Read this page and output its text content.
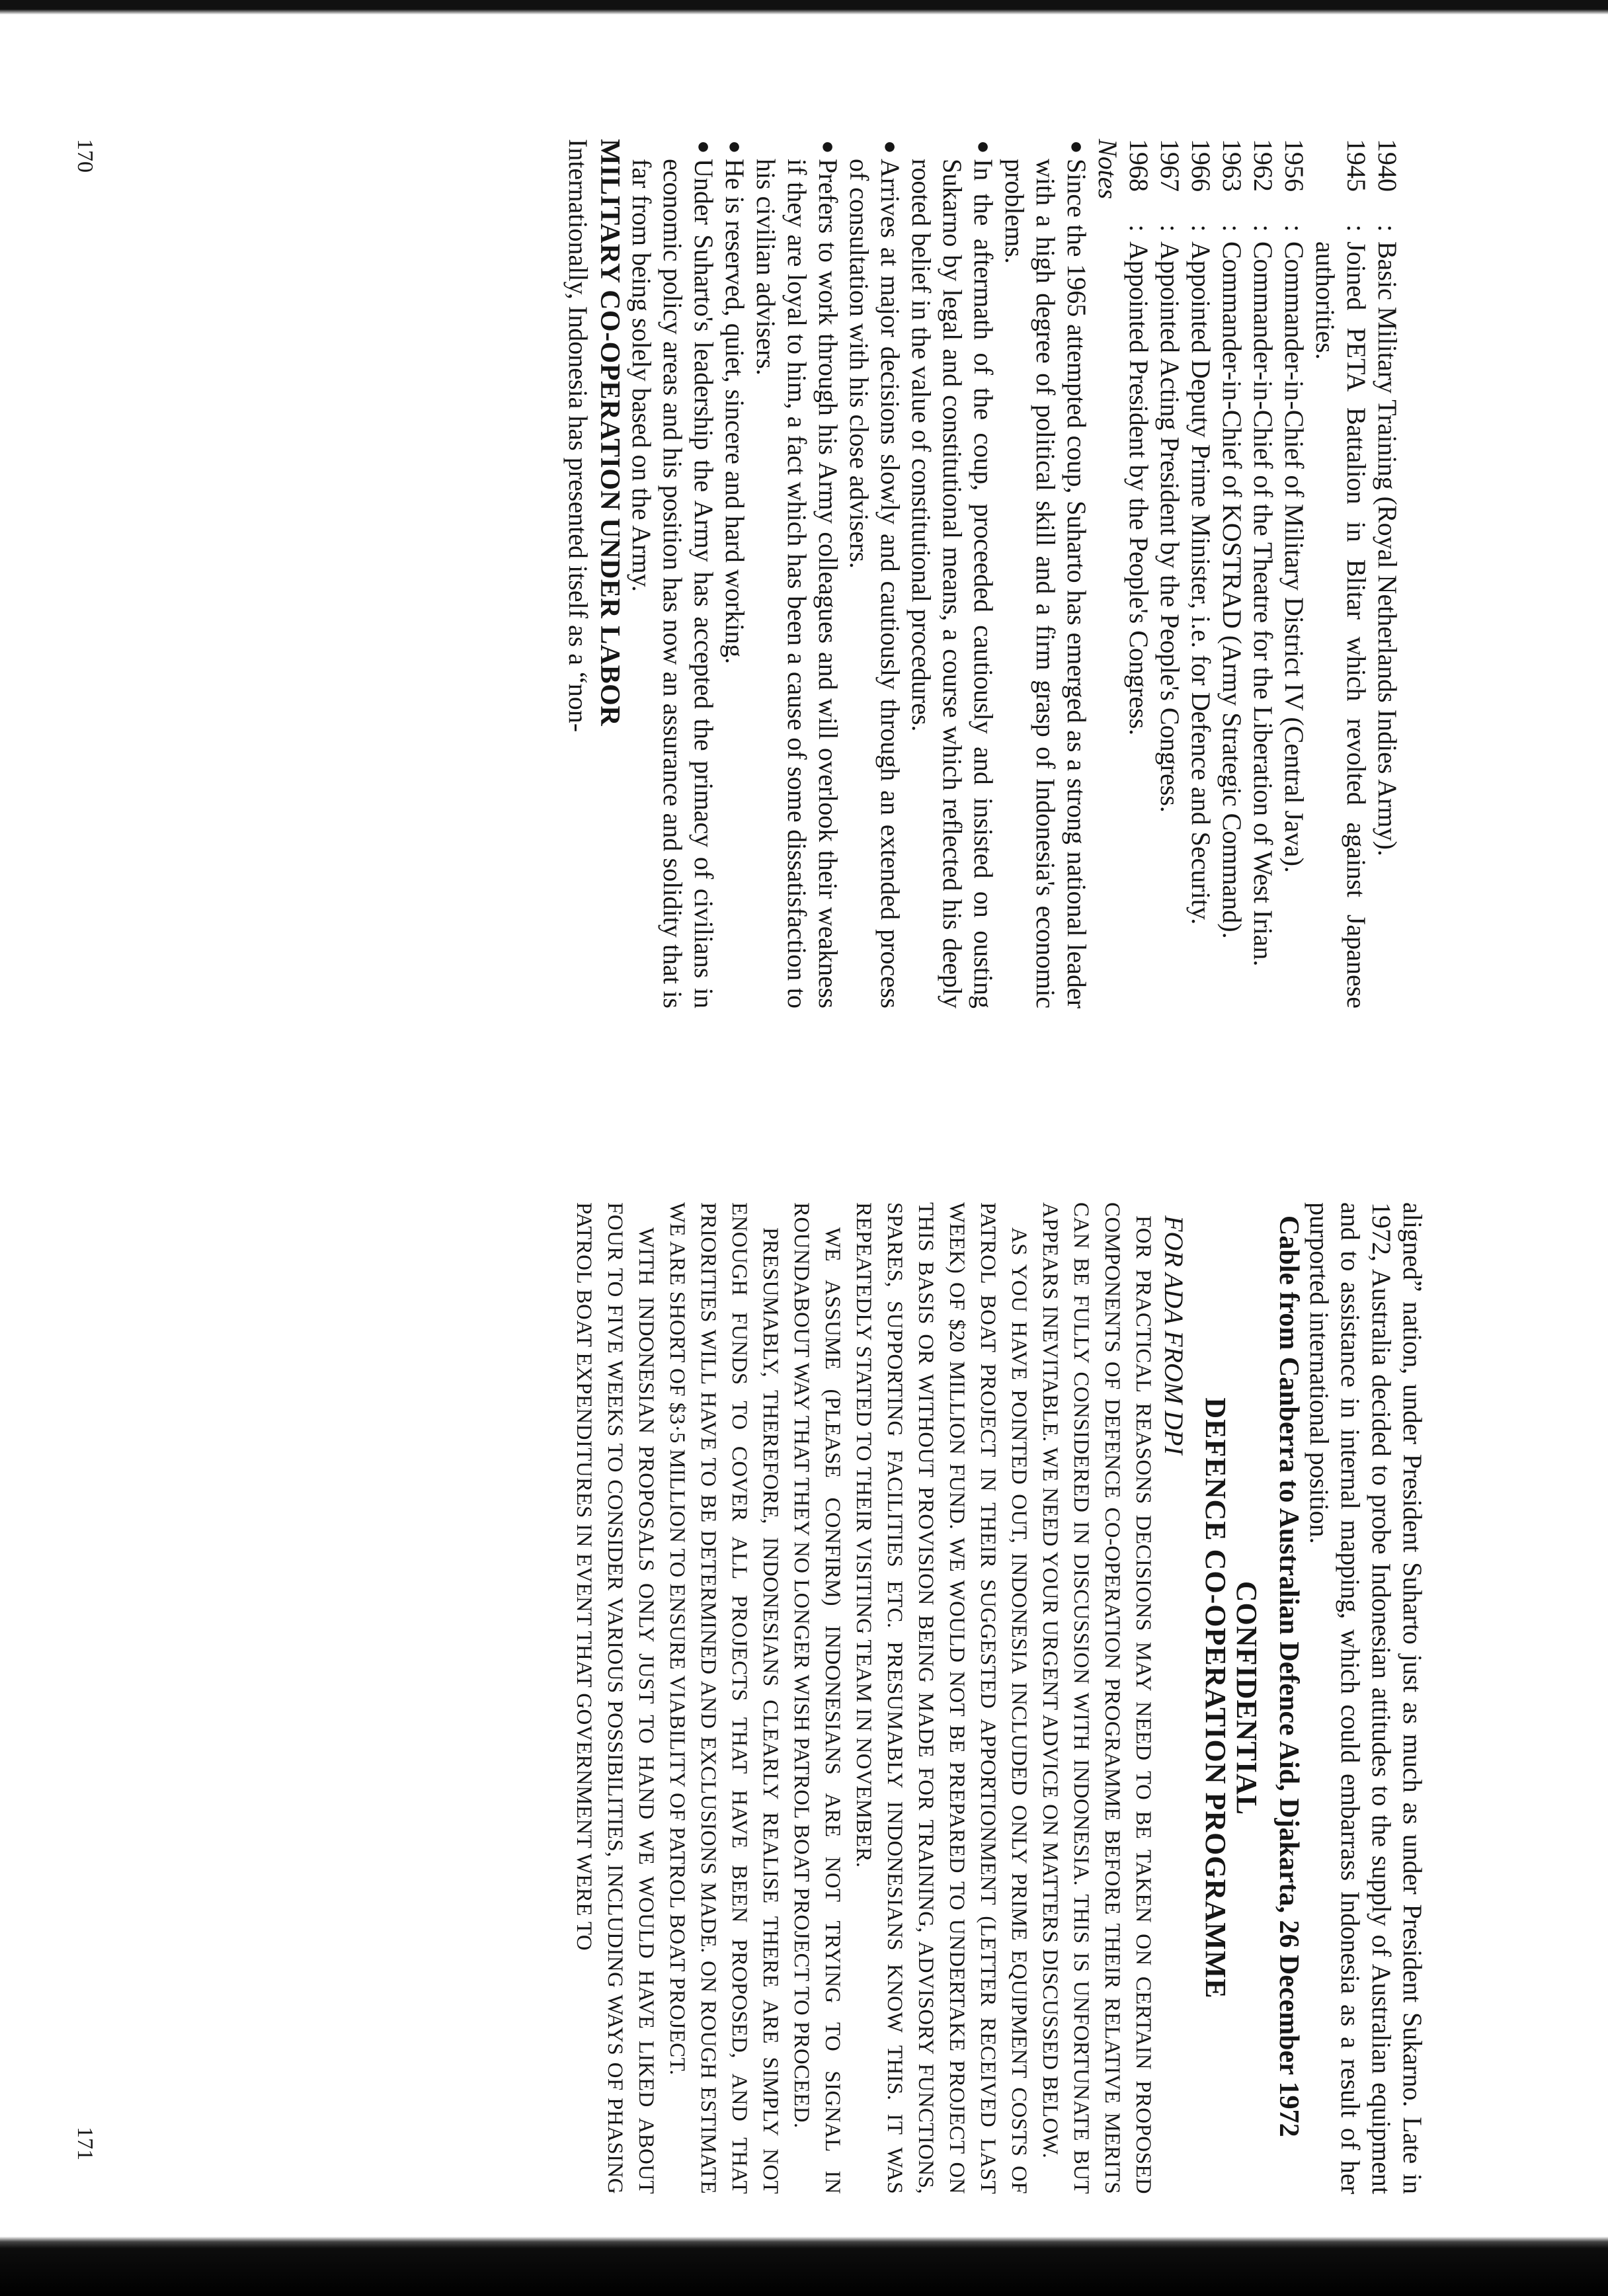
1940
:
Basic Military Training (Royal Netherlands Indies Army).
1945
:
Joined PETA Battalion in Blitar which revolted against Japanese authorities.
1956
:
Commander-in-Chief of Military District IV (Central Java).
1962
:
Commander-in-Chief of the Theatre for the Liberation of West Irian.
1963
:
Commander-in-Chief of KOSTRAD (Army Strategic Command).
1966
:
Appointed Deputy Prime Minister, i.e. for Defence and Security.
1967
:
Appointed Acting President by the People's Congress.
1968
:
Appointed President by the People's Congress.

Notes

●
Since the 1965 attempted coup, Suharto has emerged as a strong national leader with a high degree of political skill and a firm grasp of Indonesia's economic problems.
●
In the aftermath of the coup, proceeded cautiously and insisted on ousting Sukarno by legal and constitutional means, a course which reflected his deeply rooted belief in the value of constitutional procedures.
●
Arrives at major decisions slowly and cautiously through an extended process of consultation with his close advisers.
●
Prefers to work through his Army colleagues and will overlook their weakness if they are loyal to him, a fact which has been a cause of some dissatisfaction to his civilian advisers.
●
He is reserved, quiet, sincere and hard working.
●
Under Suharto's leadership the Army has accepted the primacy of civilians in economic policy areas and his position has now an assurance and solidity that is far from being solely based on the Army.

MILITARY CO-OPERATION UNDER LABOR

Internationally, Indonesia has presented itself as a “non-

170

aligned” nation, under President Suharto just as much as under President Sukarno. Late in 1972, Australia decided to probe Indonesian attitudes to the supply of Australian equipment and to assistance in internal mapping, which could embarrass Indonesia as a result of her purported international position.

Cable from Canberra to Australian Defence Aid, Djakarta, 26 December 1972

CONFIDENTIAL

DEFENCE CO-OPERATION PROGRAMME

FOR ADA FROM DPI

FOR PRACTICAL REASONS DECISIONS MAY NEED TO BE TAKEN ON CERTAIN PROPOSED COMPONENTS OF DEFENCE CO-OPERATION PROGRAMME BEFORE THEIR RELATIVE MERITS CAN BE FULLY CONSIDERED IN DISCUSSION WITH INDONESIA. THIS IS UNFORTUNATE BUT APPEARS INEVITABLE. WE NEED YOUR URGENT ADVICE ON MATTERS DISCUSSED BELOW.

AS YOU HAVE POINTED OUT, INDONESIA INCLUDED ONLY PRIME EQUIPMENT COSTS OF PATROL BOAT PROJECT IN THEIR SUGGESTED APPORTIONMENT (LETTER RECEIVED LAST WEEK) OF $20 MILLION FUND. WE WOULD NOT BE PREPARED TO UNDERTAKE PROJECT ON THIS BASIS OR WITHOUT PROVISION BEING MADE FOR TRAINING, ADVISORY FUNCTIONS, SPARES, SUPPORTING FACILITIES ETC. PRESUMABLY INDONESIANS KNOW THIS. IT WAS REPEATEDLY STATED TO THEIR VISITING TEAM IN NOVEMBER.

WE ASSUME (PLEASE CONFIRM) INDONESIANS ARE NOT TRYING TO SIGNAL IN ROUNDABOUT WAY THAT THEY NO LONGER WISH PATROL BOAT PROJECT TO PROCEED.

PRESUMABLY, THEREFORE, INDONESIANS CLEARLY REALISE THERE ARE SIMPLY NOT ENOUGH FUNDS TO COVER ALL PROJECTS THAT HAVE BEEN PROPOSED, AND THAT PRIORITIES WILL HAVE TO BE DETERMINED AND EXCLUSIONS MADE. ON ROUGH ESTIMATE WE ARE SHORT OF $3·5 MILLION TO ENSURE VIABILITY OF PATROL BOAT PROJECT.

WITH INDONESIAN PROPOSALS ONLY JUST TO HAND WE WOULD HAVE LIKED ABOUT FOUR TO FIVE WEEKS TO CONSIDER VARIOUS POSSIBILITIES, INCLUDING WAYS OF PHASING PATROL BOAT EXPENDITURES IN EVENT THAT GOVERNMENT WERE TO

171
